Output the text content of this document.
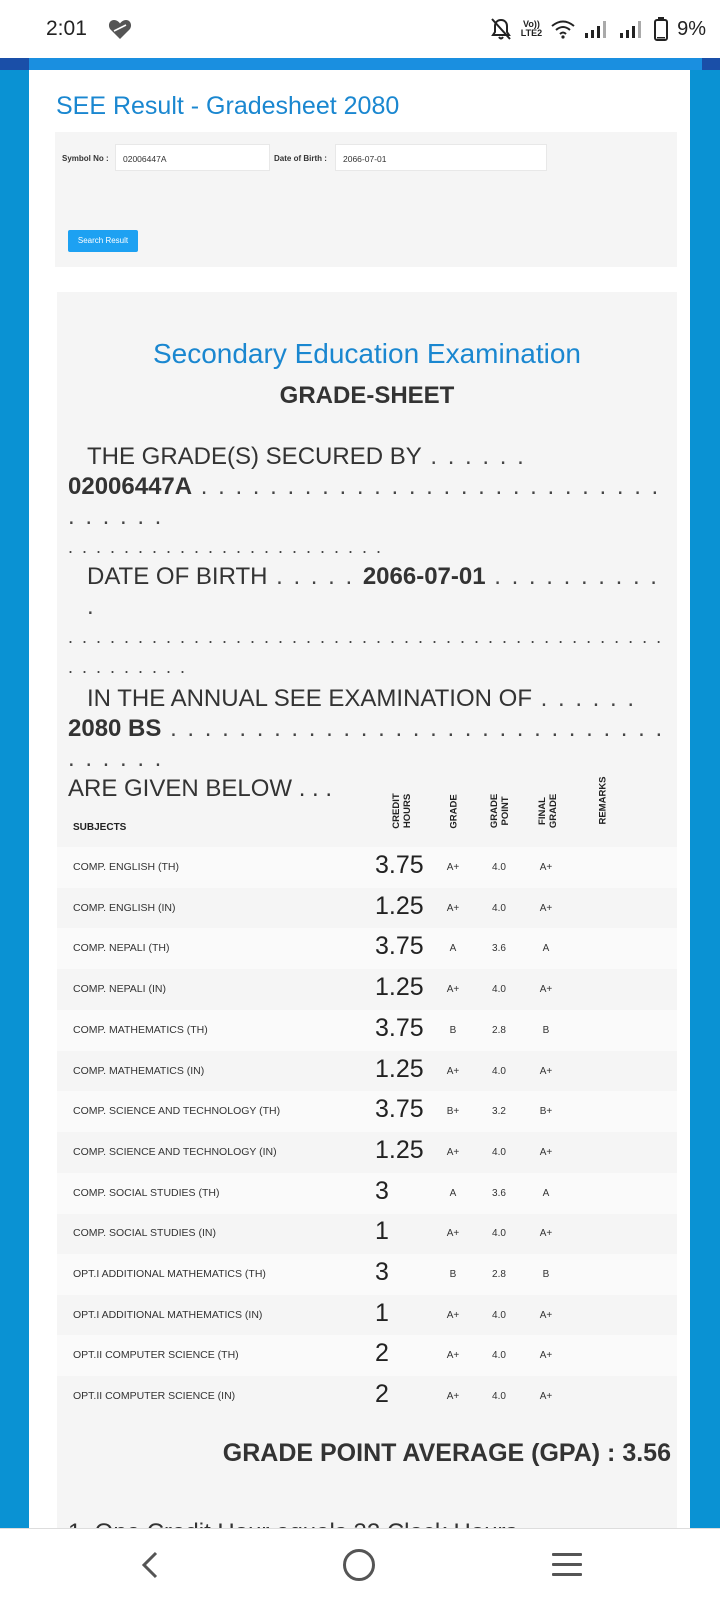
2:01	Vo))
LTE2	9%
SEE Result - Gradesheet 2080
Symbol No :	02006447A	Date of Birth :	2066-07-01
Search Result
Secondary Education Examination
GRADE-SHEET
THE GRADE(S) SECURED BY . . . . . .
02006447A . . . . . . . . . . . . . . . . . . . . . . . . . . . . . . . . .
. . . . . . . . . . . . . . . . . . . . . . .
DATE OF BIRTH . . . . . 2066-07-01 . . . . . . . . . . .
. . . . . . . . . . . . . . . . . . . . . . . . . . . . . . . . . . . . . . . . . . .
. . . . . . . . .
IN THE ANNUAL SEE EXAMINATION OF . . . . . .
2080 BS . . . . . . . . . . . . . . . . . . . . . . . . . . . . . . . . . . .
ARE GIVEN BELOW . . .
SUBJECTS	CREDIT HOURS	GRADE	GRADE POINT	FINAL GRADE	REMARKS
COMP. ENGLISH (TH)	3.75	A+	4.0	A+
COMP. ENGLISH (IN)	1.25	A+	4.0	A+
COMP. NEPALI (TH)	3.75	A	3.6	A
COMP. NEPALI (IN)	1.25	A+	4.0	A+
COMP. MATHEMATICS (TH)	3.75	B	2.8	B
COMP. MATHEMATICS (IN)	1.25	A+	4.0	A+
COMP. SCIENCE AND TECHNOLOGY (TH)	3.75	B+	3.2	B+
COMP. SCIENCE AND TECHNOLOGY (IN)	1.25	A+	4.0	A+
COMP. SOCIAL STUDIES (TH)	3	A	3.6	A
COMP. SOCIAL STUDIES (IN)	1	A+	4.0	A+
OPT.I ADDITIONAL MATHEMATICS (TH)	3	B	2.8	B
OPT.I ADDITIONAL MATHEMATICS (IN)	1	A+	4.0	A+
OPT.II COMPUTER SCIENCE (TH)	2	A+	4.0	A+
OPT.II COMPUTER SCIENCE (IN)	2	A+	4.0	A+
GRADE POINT AVERAGE (GPA) : 3.56
